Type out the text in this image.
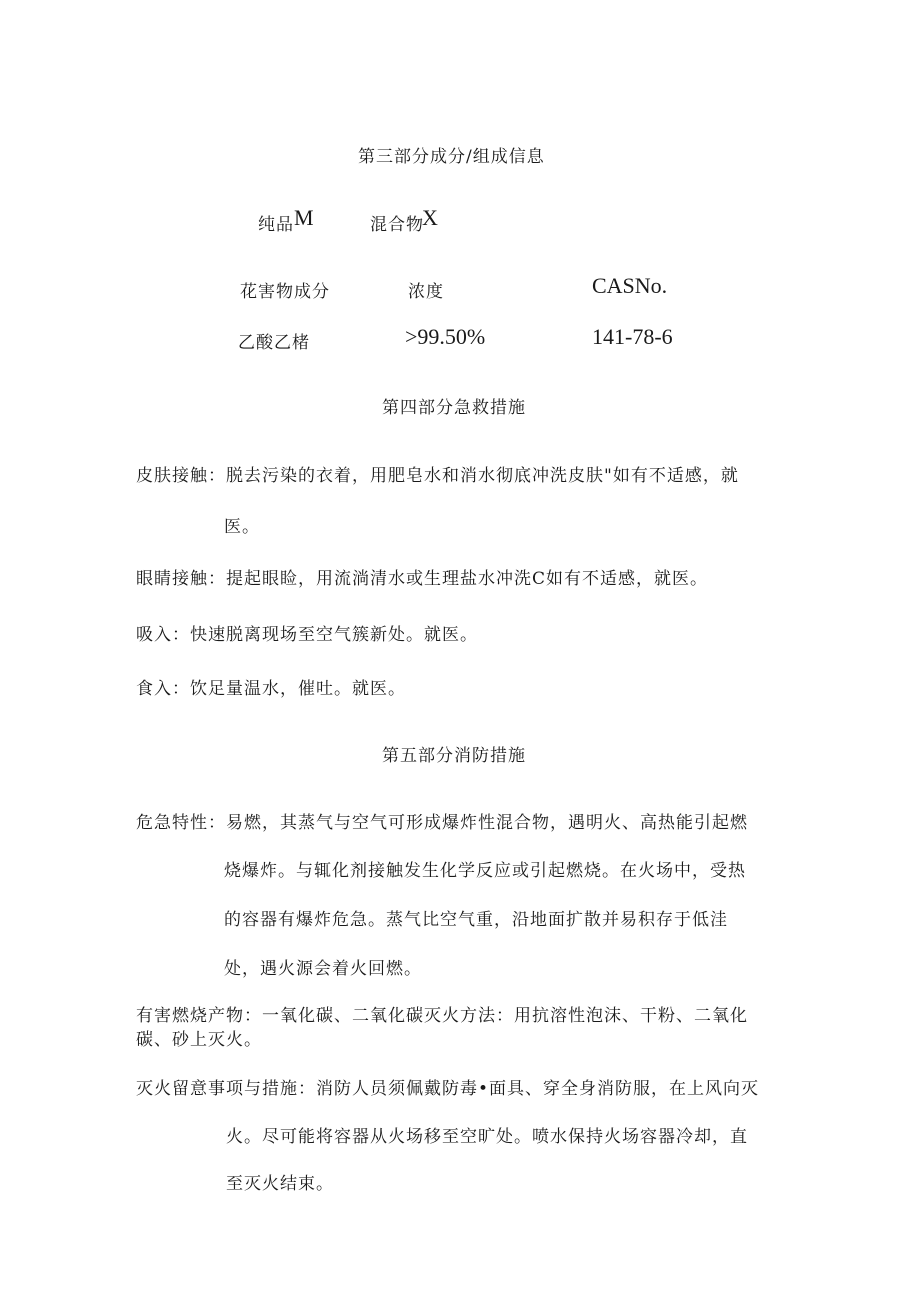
第三部分成分/组成信息
纯品 M	混合物
X
花害物成分	浓度	CASNo.
乙酸乙楮	>99.50%	141-78-6
第四部分急救措施
皮肤接触：脱去污染的衣着，用肥皂水和消水彻底冲洗皮肤"如有不适感，就
医。
眼睛接触：提起眼睑，用流淌清水或生理盐水冲洗C如有不适感，就医。
吸入：快速脱离现场至空气簇新处。就医。
食入：饮足量温水，催吐。就医。
第五部分消防措施
危急特性：易燃，其蒸气与空气可形成爆炸性混合物，遇明火、高热能引起燃
烧爆炸。与辄化剂接触发生化学反应或引起燃烧。在火场中，受热
的容器有爆炸危急。蒸气比空气重，沿地面扩散并易积存于低洼
处，遇火源会着火回燃。
有害燃烧产物：一氧化碳、二氧化碳灭火方法：用抗溶性泡沫、干粉、二氧化
碳、砂上灭火。
灭火留意事项与措施：消防人员须佩戴防毒•面具、穿全身消防服，在上风向灭
火。尽可能将容器从火场移至空旷处。喷水保持火场容器冷却，直
至灭火结束。
